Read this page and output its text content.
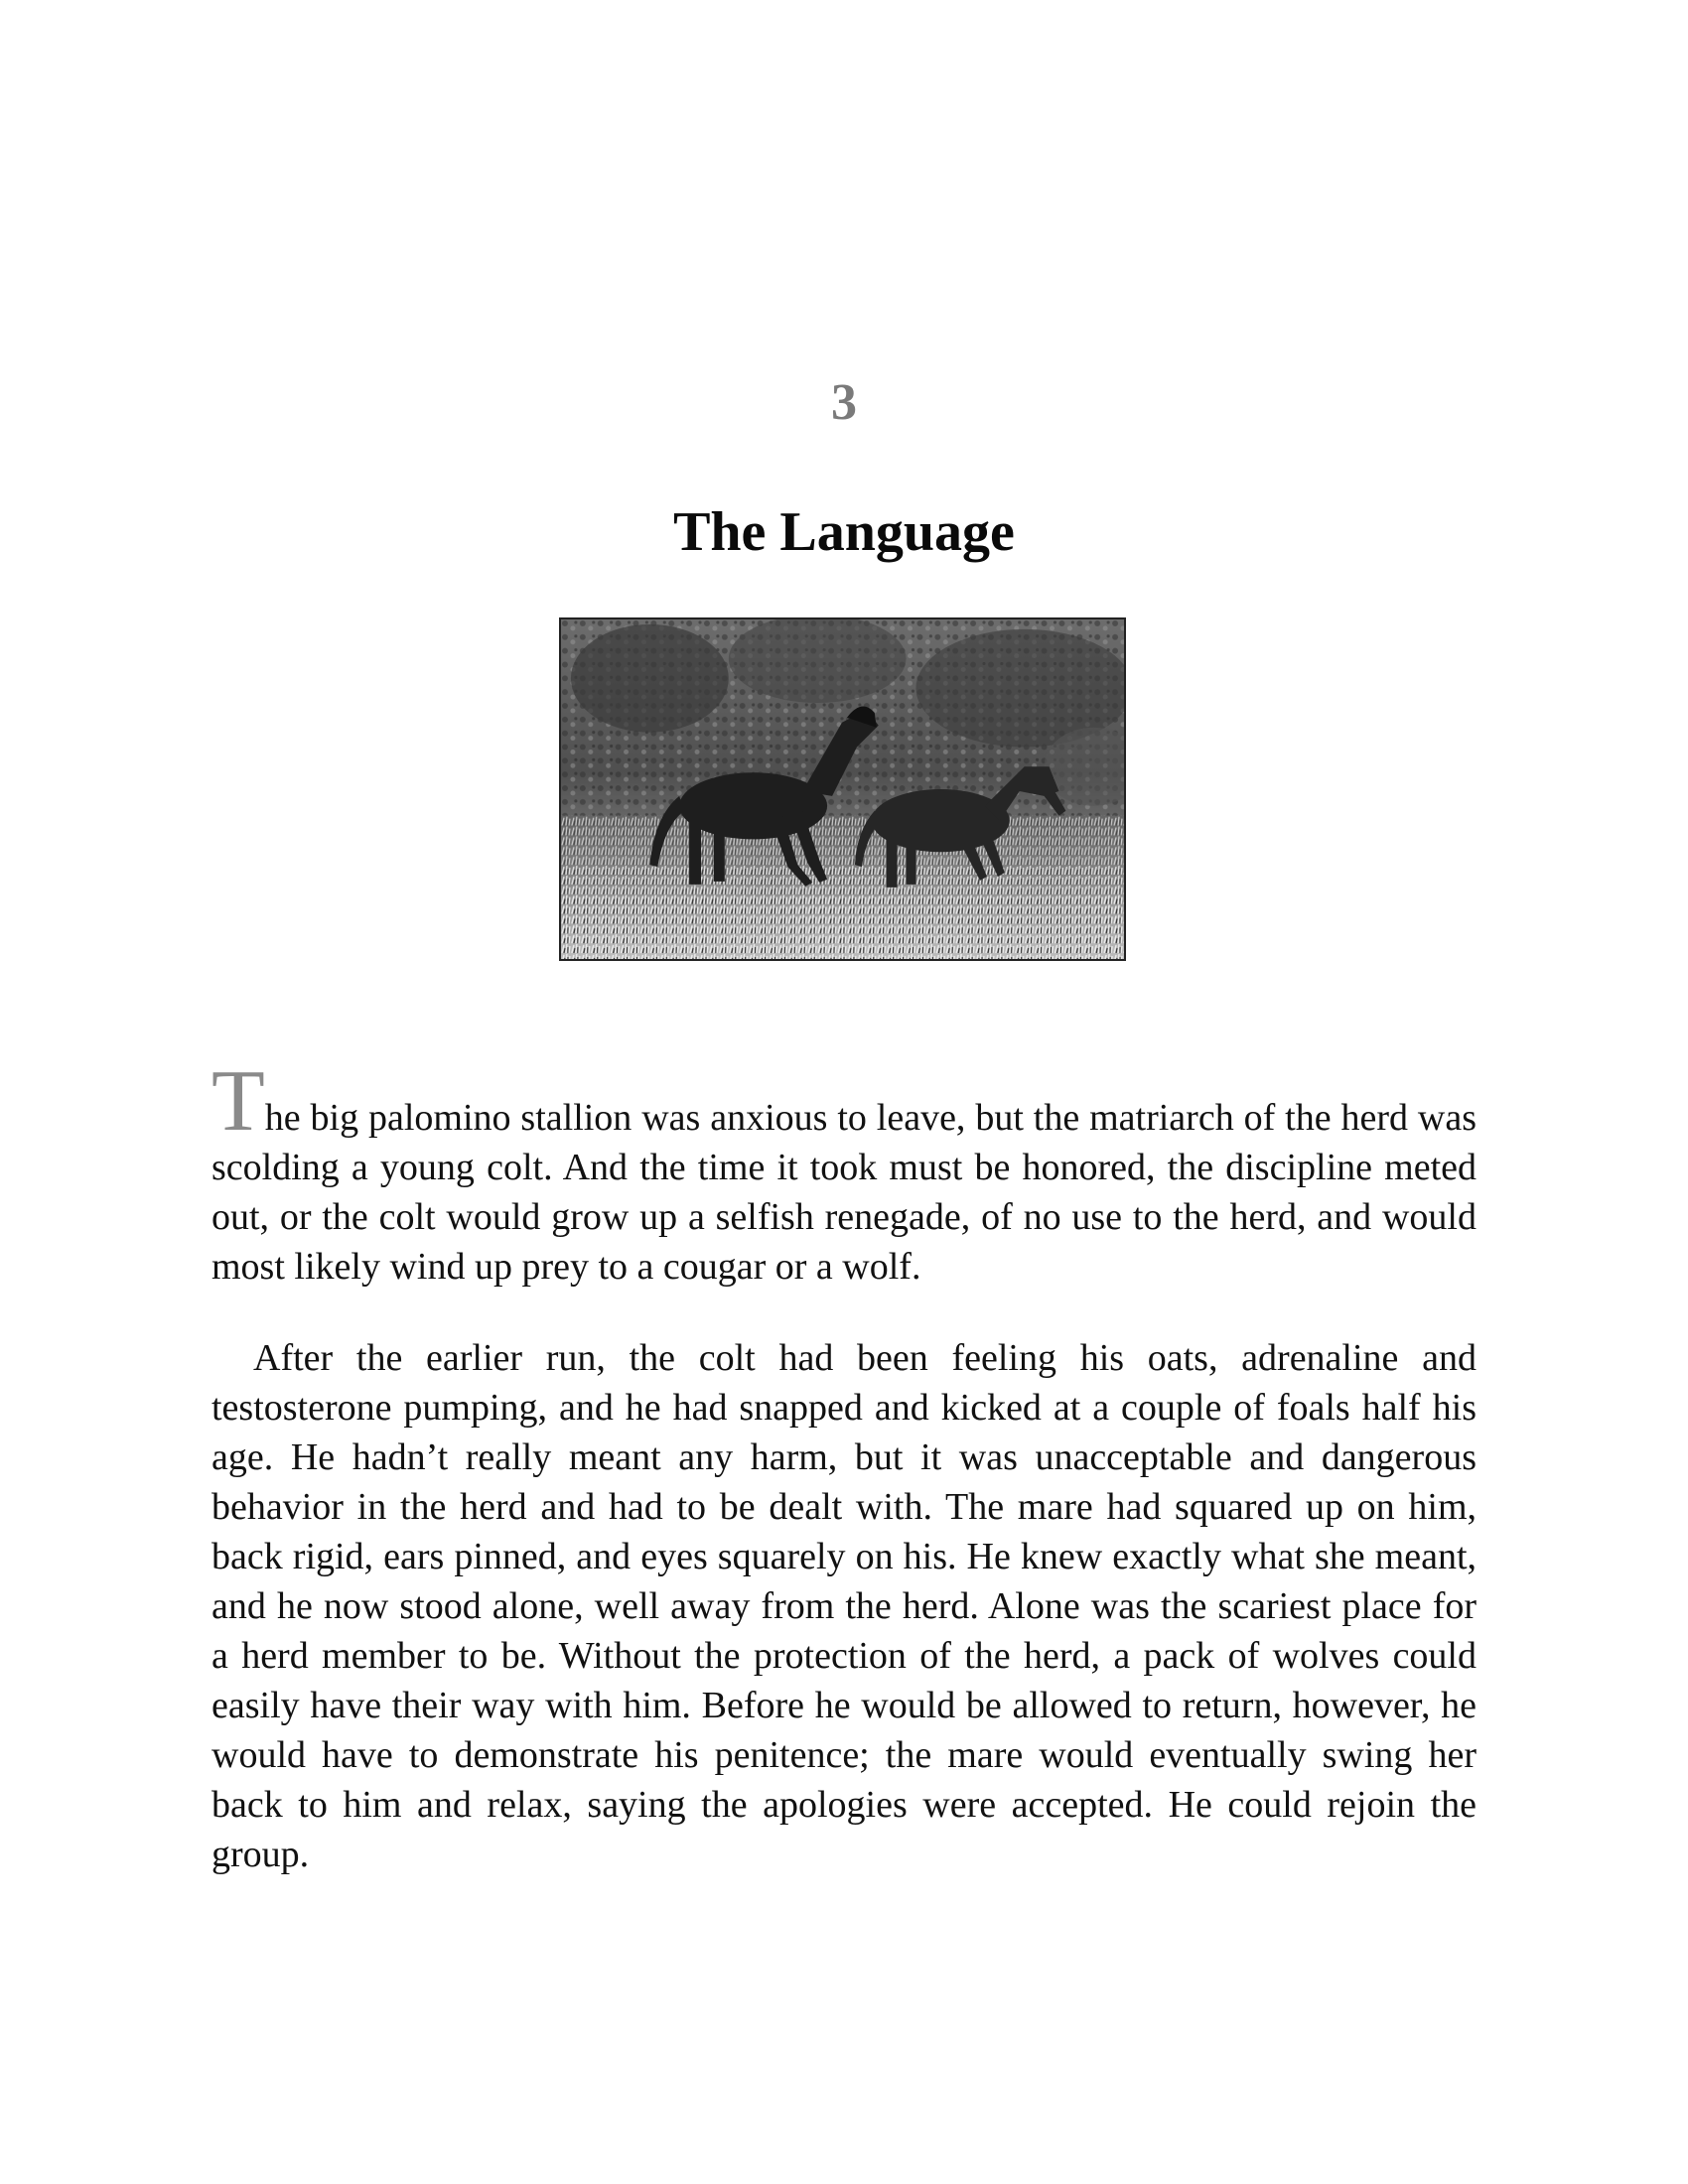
3
The Language

The big palomino stallion was anxious to leave, but the matriarch of the herd was scolding a young colt. And the time it took must be honored, the discipline meted out, or the colt would grow up a selfish renegade, of no use to the herd, and would most likely wind up prey to a cougar or a wolf.

After the earlier run, the colt had been feeling his oats, adrenaline and testosterone pumping, and he had snapped and kicked at a couple of foals half his age. He hadn’t really meant any harm, but it was unacceptable and dangerous behavior in the herd and had to be dealt with. The mare had squared up on him, back rigid, ears pinned, and eyes squarely on his. He knew exactly what she meant, and he now stood alone, well away from the herd. Alone was the scariest place for a herd member to be. Without the protection of the herd, a pack of wolves could easily have their way with him. Before he would be allowed to return, however, he would have to demonstrate his penitence; the mare would eventually swing her back to him and relax, saying the apologies were accepted. He could rejoin the group.
